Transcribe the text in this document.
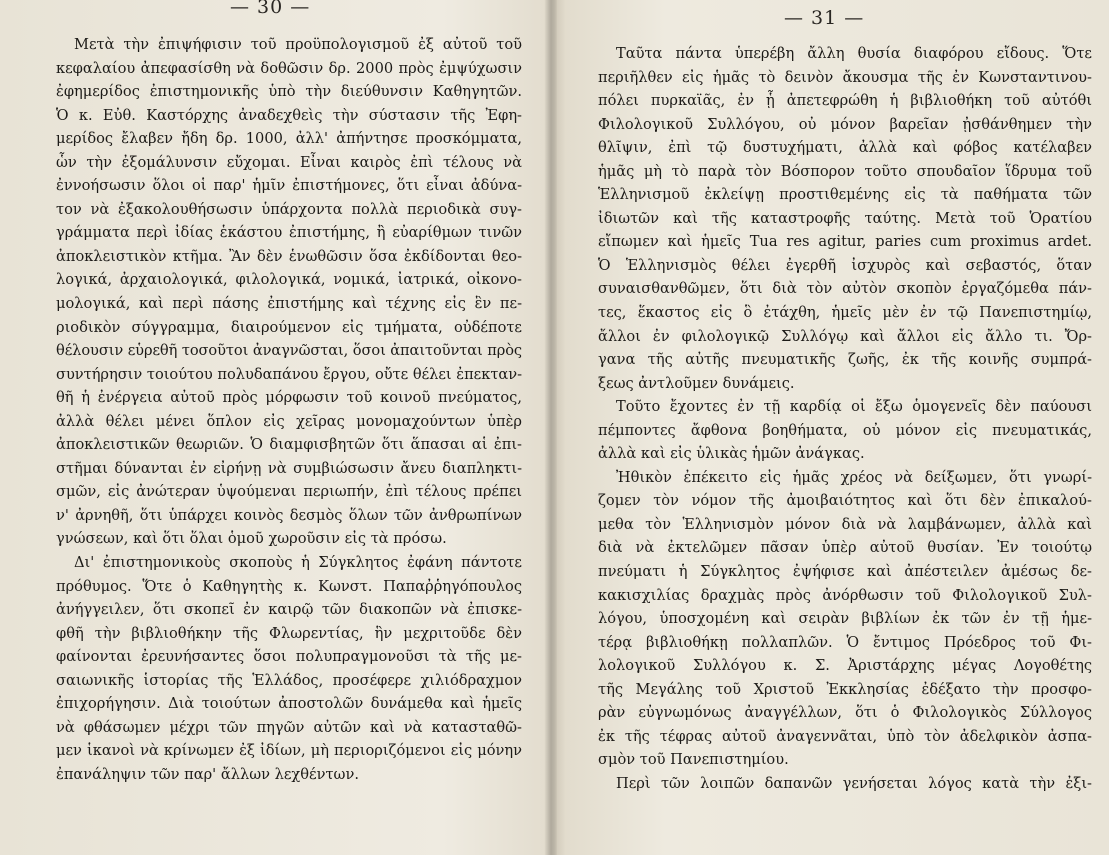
— 30 —
Μετὰ τὴν ἐπιψήφισιν τοῦ προϋπολογισμοῦ ἐξ αὐτοῦ τοῦ
κεφαλαίου ἀπεφασίσθη νὰ δοθῶσιν δρ. 2000 πρὸς ἐμψύχωσιν
ἐφημερίδος ἐπιστημονικῆς ὑπὸ τὴν διεύθυνσιν Καθηγητῶν.
Ὁ κ. Εὐθ. Καστόρχης ἀναδεχθεὶς τὴν σύστασιν τῆς Ἐφη-
μερίδος ἔλαβεν ἤδη δρ. 1000, ἀλλ' ἀπήντησε προσκόμματα,
ὧν τὴν ἐξομάλυνσιν εὔχομαι. Εἶναι καιρὸς ἐπὶ τέλους νὰ
ἐννοήσωσιν ὅλοι οἱ παρ' ἡμῖν ἐπιστήμονες, ὅτι εἶναι ἀδύνα-
τον νὰ ἐξακολουθήσωσιν ὑπάρχοντα πολλὰ περιοδικὰ συγ-
γράμματα περὶ ἰδίας ἑκάστου ἐπιστήμης, ἢ εὐαρίθμων τινῶν
ἀποκλειστικὸν κτῆμα. Ἂν δὲν ἑνωθῶσιν ὅσα ἐκδίδονται θεο-
λογικά, ἀρχαιολογικά, φιλολογικά, νομικά, ἰατρικά, οἰκονο-
μολογικά, καὶ περὶ πάσης ἐπιστήμης καὶ τέχνης εἰς ἓν πε-
ριοδικὸν σύγγραμμα, διαιρούμενον εἰς τμήματα, οὐδέποτε
θέλουσιν εὑρεθῆ τοσοῦτοι ἀναγνῶσται, ὅσοι ἀπαιτοῦνται πρὸς
συντήρησιν τοιούτου πολυδαπάνου ἔργου, οὔτε θέλει ἐπεκταν-
θῆ ἡ ἐνέργεια αὐτοῦ πρὸς μόρφωσιν τοῦ κοινοῦ πνεύματος,
ἀλλὰ θέλει μένει ὅπλον εἰς χεῖρας μονομαχούντων ὑπὲρ
ἀποκλειστικῶν θεωριῶν. Ὁ διαμφισβητῶν ὅτι ἅπασαι αἱ ἐπι-
στῆμαι δύνανται ἐν εἰρήνῃ νὰ συμβιώσωσιν ἄνευ διαπληκτι-
σμῶν, εἰς ἀνώτεραν ὑψούμεναι περιωπήν, ἐπὶ τέλους πρέπει
ν' ἀρνηθῆ, ὅτι ὑπάρχει κοινὸς δεσμὸς ὅλων τῶν ἀνθρωπίνων
γνώσεων, καὶ ὅτι ὅλαι ὁμοῦ χωροῦσιν εἰς τὰ πρόσω.
Δι' ἐπιστημονικοὺς σκοποὺς ἡ Σύγκλητος ἐφάνη πάντοτε
πρόθυμος. Ὅτε ὁ Καθηγητὴς κ. Κωνστ. Παπαῤῥηγόπουλος
ἀνήγγειλεν, ὅτι σκοπεῖ ἐν καιρῷ τῶν διακοπῶν νὰ ἐπισκε-
φθῆ τὴν βιβλιοθήκην τῆς Φλωρεντίας, ἣν μεχριτοῦδε δὲν
φαίνονται ἐρευνήσαντες ὅσοι πολυπραγμονοῦσι τὰ τῆς με-
σαιωνικῆς ἱστορίας τῆς Ἑλλάδος, προσέφερε χιλιόδραχμον
ἐπιχορήγησιν. Διὰ τοιούτων ἀποστολῶν δυνάμεθα καὶ ἡμεῖς
νὰ φθάσωμεν μέχρι τῶν πηγῶν αὐτῶν καὶ νὰ κατασταθῶ-
μεν ἱκανοὶ νὰ κρίνωμεν ἐξ ἰδίων, μὴ περιοριζόμενοι εἰς μόνην
ἐπανάληψιν τῶν παρ' ἄλλων λεχθέντων.
— 31 —
Ταῦτα πάντα ὑπερέβη ἄλλη θυσία διαφόρου εἴδους. Ὅτε
περιῆλθεν εἰς ἡμᾶς τὸ δεινὸν ἄκουσμα τῆς ἐν Κωνσταντινου-
πόλει πυρκαϊᾶς, ἐν ᾗ ἀπετεφρώθη ἡ βιβλιοθήκη τοῦ αὐτόθι
Φιλολογικοῦ Συλλόγου, οὐ μόνον βαρεῖαν ᾐσθάνθημεν τὴν
θλῖψιν, ἐπὶ τῷ δυστυχήματι, ἀλλὰ καὶ φόβος κατέλαβεν
ἡμᾶς μὴ τὸ παρὰ τὸν Βόσπορον τοῦτο σπουδαῖον ἵδρυμα τοῦ
Ἑλληνισμοῦ ἐκλείψῃ προστιθεμένης εἰς τὰ παθήματα τῶν
ἰδιωτῶν καὶ τῆς καταστροφῆς ταύτης. Μετὰ τοῦ Ὁρατίου
εἴπωμεν καὶ ἡμεῖς Tua res agitur, paries cum proximus ardet.
Ὁ Ἑλληνισμὸς θέλει ἐγερθῆ ἰσχυρὸς καὶ σεβαστός, ὅταν
συναισθανθῶμεν, ὅτι διὰ τὸν αὐτὸν σκοπὸν ἐργαζόμεθα πάν-
τες, ἕκαστος εἰς ὃ ἐτάχθη, ἡμεῖς μὲν ἐν τῷ Πανεπιστημίῳ,
ἄλλοι ἐν φιλολογικῷ Συλλόγῳ καὶ ἄλλοι εἰς ἄλλο τι. Ὄρ-
γανα τῆς αὐτῆς πνευματικῆς ζωῆς, ἐκ τῆς κοινῆς συμπρά-
ξεως ἀντλοῦμεν δυνάμεις.
Τοῦτο ἔχοντες ἐν τῇ καρδίᾳ οἱ ἔξω ὁμογενεῖς δὲν παύουσι
πέμποντες ἄφθονα βοηθήματα, οὐ μόνον εἰς πνευματικάς,
ἀλλὰ καὶ εἰς ὑλικὰς ἡμῶν ἀνάγκας.
Ἠθικὸν ἐπέκειτο εἰς ἡμᾶς χρέος νὰ δείξωμεν, ὅτι γνωρί-
ζομεν τὸν νόμον τῆς ἀμοιβαιότητος καὶ ὅτι δὲν ἐπικαλού-
μεθα τὸν Ἑλληνισμὸν μόνον διὰ νὰ λαμβάνωμεν, ἀλλὰ καὶ
διὰ νὰ ἐκτελῶμεν πᾶσαν ὑπὲρ αὐτοῦ θυσίαν. Ἐν τοιούτῳ
πνεύματι ἡ Σύγκλητος ἐψήφισε καὶ ἀπέστειλεν ἀμέσως δε-
κακισχιλίας δραχμὰς πρὸς ἀνόρθωσιν τοῦ Φιλολογικοῦ Συλ-
λόγου, ὑποσχομένη καὶ σειρὰν βιβλίων ἐκ τῶν ἐν τῇ ἡμε-
τέρᾳ βιβλιοθήκῃ πολλαπλῶν. Ὁ ἔντιμος Πρόεδρος τοῦ Φι-
λολογικοῦ Συλλόγου κ. Σ. Ἀριστάρχης μέγας Λογοθέτης
τῆς Μεγάλης τοῦ Χριστοῦ Ἐκκλησίας ἐδέξατο τὴν προσφο-
ρὰν εὐγνωμόνως ἀναγγέλλων, ὅτι ὁ Φιλολογικὸς Σύλλογος
ἐκ τῆς τέφρας αὐτοῦ ἀναγεννᾶται, ὑπὸ τὸν ἀδελφικὸν ἀσπα-
σμὸν τοῦ Πανεπιστημίου.
Περὶ τῶν λοιπῶν δαπανῶν γενήσεται λόγος κατὰ τὴν ἐξι-
